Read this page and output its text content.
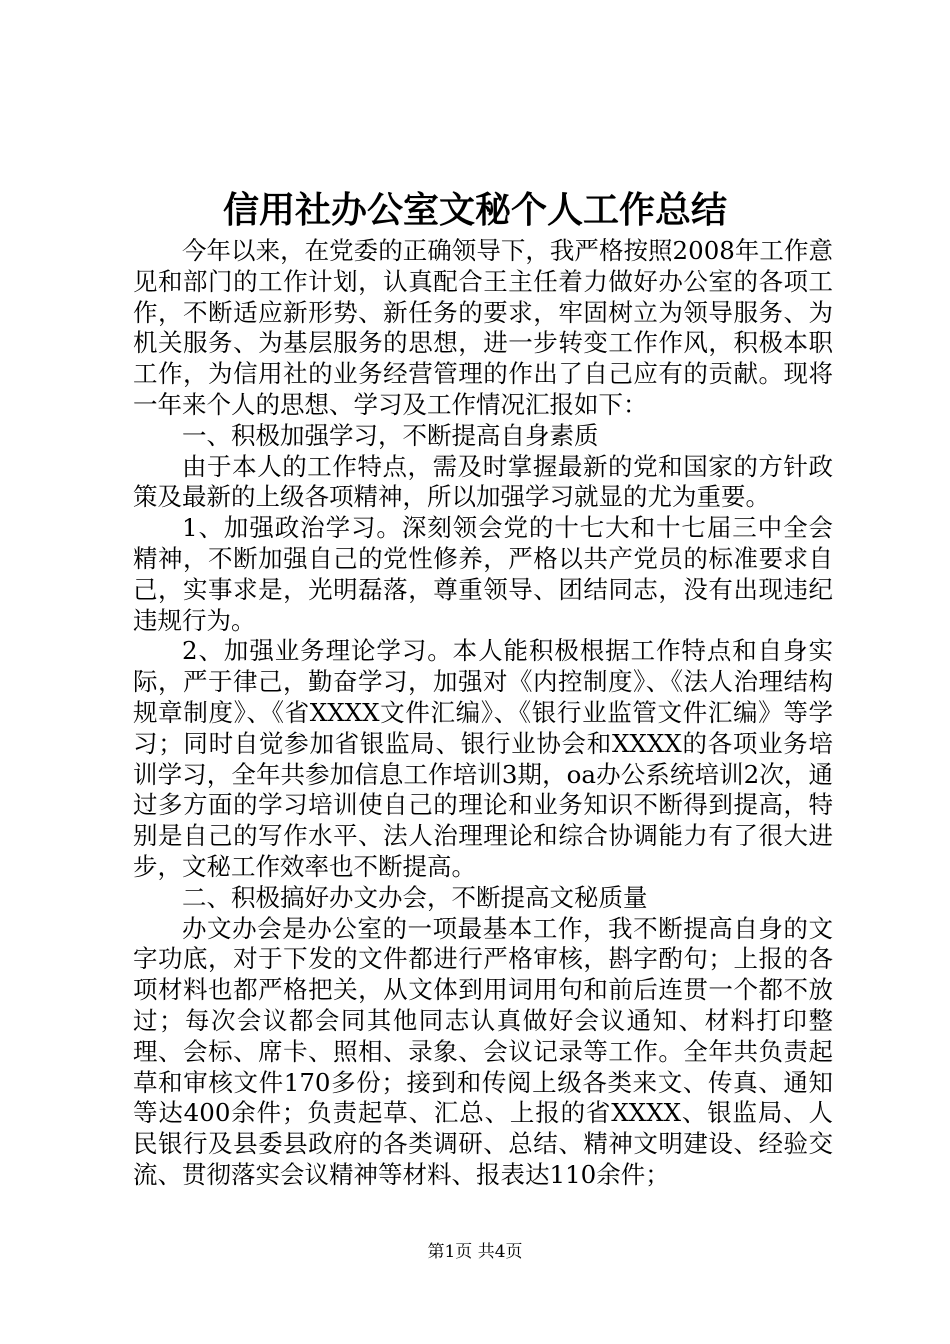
信用社办公室文秘个人工作总结

今年以来，在党委的正确领导下，我严格按照2008年工作意见和部门的工作计划，认真配合王主任着力做好办公室的各项工作，不断适应新形势、新任务的要求，牢固树立为领导服务、为机关服务、为基层服务的思想，进一步转变工作作风，积极本职工作，为信用社的业务经营管理的作出了自己应有的贡献。现将一年来个人的思想、学习及工作情况汇报如下：

一、积极加强学习，不断提高自身素质

由于本人的工作特点，需及时掌握最新的党和国家的方针政策及最新的上级各项精神，所以加强学习就显的尤为重要。

1、加强政治学习。深刻领会党的十七大和十七届三中全会精神，不断加强自己的党性修养，严格以共产党员的标准要求自己，实事求是，光明磊落，尊重领导、团结同志，没有出现违纪违规行为。

2、加强业务理论学习。本人能积极根据工作特点和自身实际，严于律己，勤奋学习，加强对《内控制度》、《法人治理结构规章制度》、《省XXXX文件汇编》、《银行业监管文件汇编》等学习；同时自觉参加省银监局、银行业协会和XXXX的各项业务培训学习，全年共参加信息工作培训3期，oa办公系统培训2次，通过多方面的学习培训使自己的理论和业务知识不断得到提高，特别是自己的写作水平、法人治理理论和综合协调能力有了很大进步，文秘工作效率也不断提高。

二、积极搞好办文办会，不断提高文秘质量

办文办会是办公室的一项最基本工作，我不断提高自身的文字功底，对于下发的文件都进行严格审核，斟字酌句；上报的各项材料也都严格把关，从文体到用词用句和前后连贯一个都不放过；每次会议都会同其他同志认真做好会议通知、材料打印整理、会标、席卡、照相、录象、会议记录等工作。全年共负责起草和审核文件170多份；接到和传阅上级各类来文、传真、通知等达400余件；负责起草、汇总、上报的省XXXX、银监局、人民银行及县委县政府的各类调研、总结、精神文明建设、经验交流、贯彻落实会议精神等材料、报表达110余件；

第1页 共4页
